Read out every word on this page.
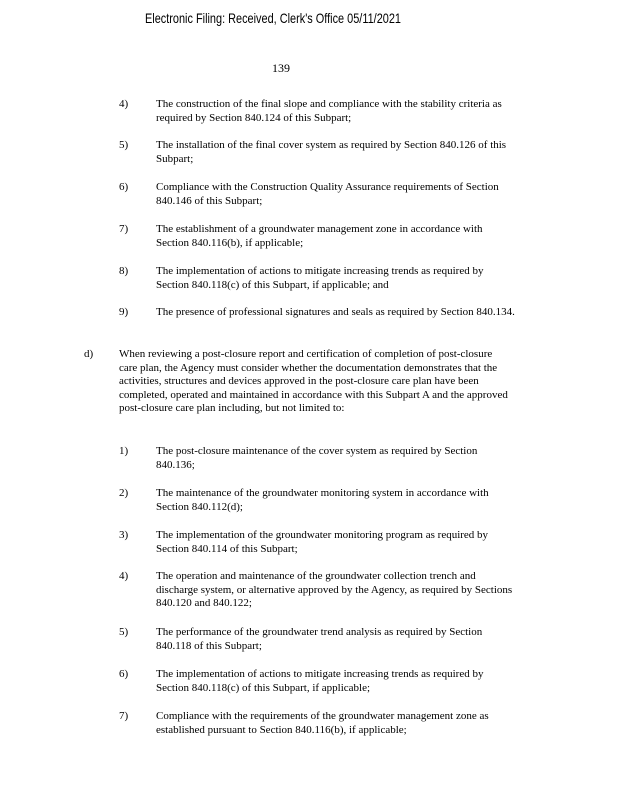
Electronic Filing: Received, Clerk's Office 05/11/2021
139
4)	The construction of the final slope and compliance with the stability criteria as required by Section 840.124 of this Subpart;
5)	The installation of the final cover system as required by Section 840.126 of this Subpart;
6)	Compliance with the Construction Quality Assurance requirements of Section 840.146 of this Subpart;
7)	The establishment of a groundwater management zone in accordance with Section 840.116(b), if applicable;
8)	The implementation of actions to mitigate increasing trends as required by Section 840.118(c) of this Subpart, if applicable; and
9)	The presence of professional signatures and seals as required by Section 840.134.
d) When reviewing a post-closure report and certification of completion of post-closure care plan, the Agency must consider whether the documentation demonstrates that the activities, structures and devices approved in the post-closure care plan have been completed, operated and maintained in accordance with this Subpart A and the approved post-closure care plan including, but not limited to:
1)	The post-closure maintenance of the cover system as required by Section 840.136;
2)	The maintenance of the groundwater monitoring system in accordance with Section 840.112(d);
3)	The implementation of the groundwater monitoring program as required by Section 840.114 of this Subpart;
4)	The operation and maintenance of the groundwater collection trench and discharge system, or alternative approved by the Agency, as required by Sections 840.120 and 840.122;
5)	The performance of the groundwater trend analysis as required by Section 840.118 of this Subpart;
6)	The implementation of actions to mitigate increasing trends as required by Section 840.118(c) of this Subpart, if applicable;
7)	Compliance with the requirements of the groundwater management zone as established pursuant to Section 840.116(b), if applicable;
